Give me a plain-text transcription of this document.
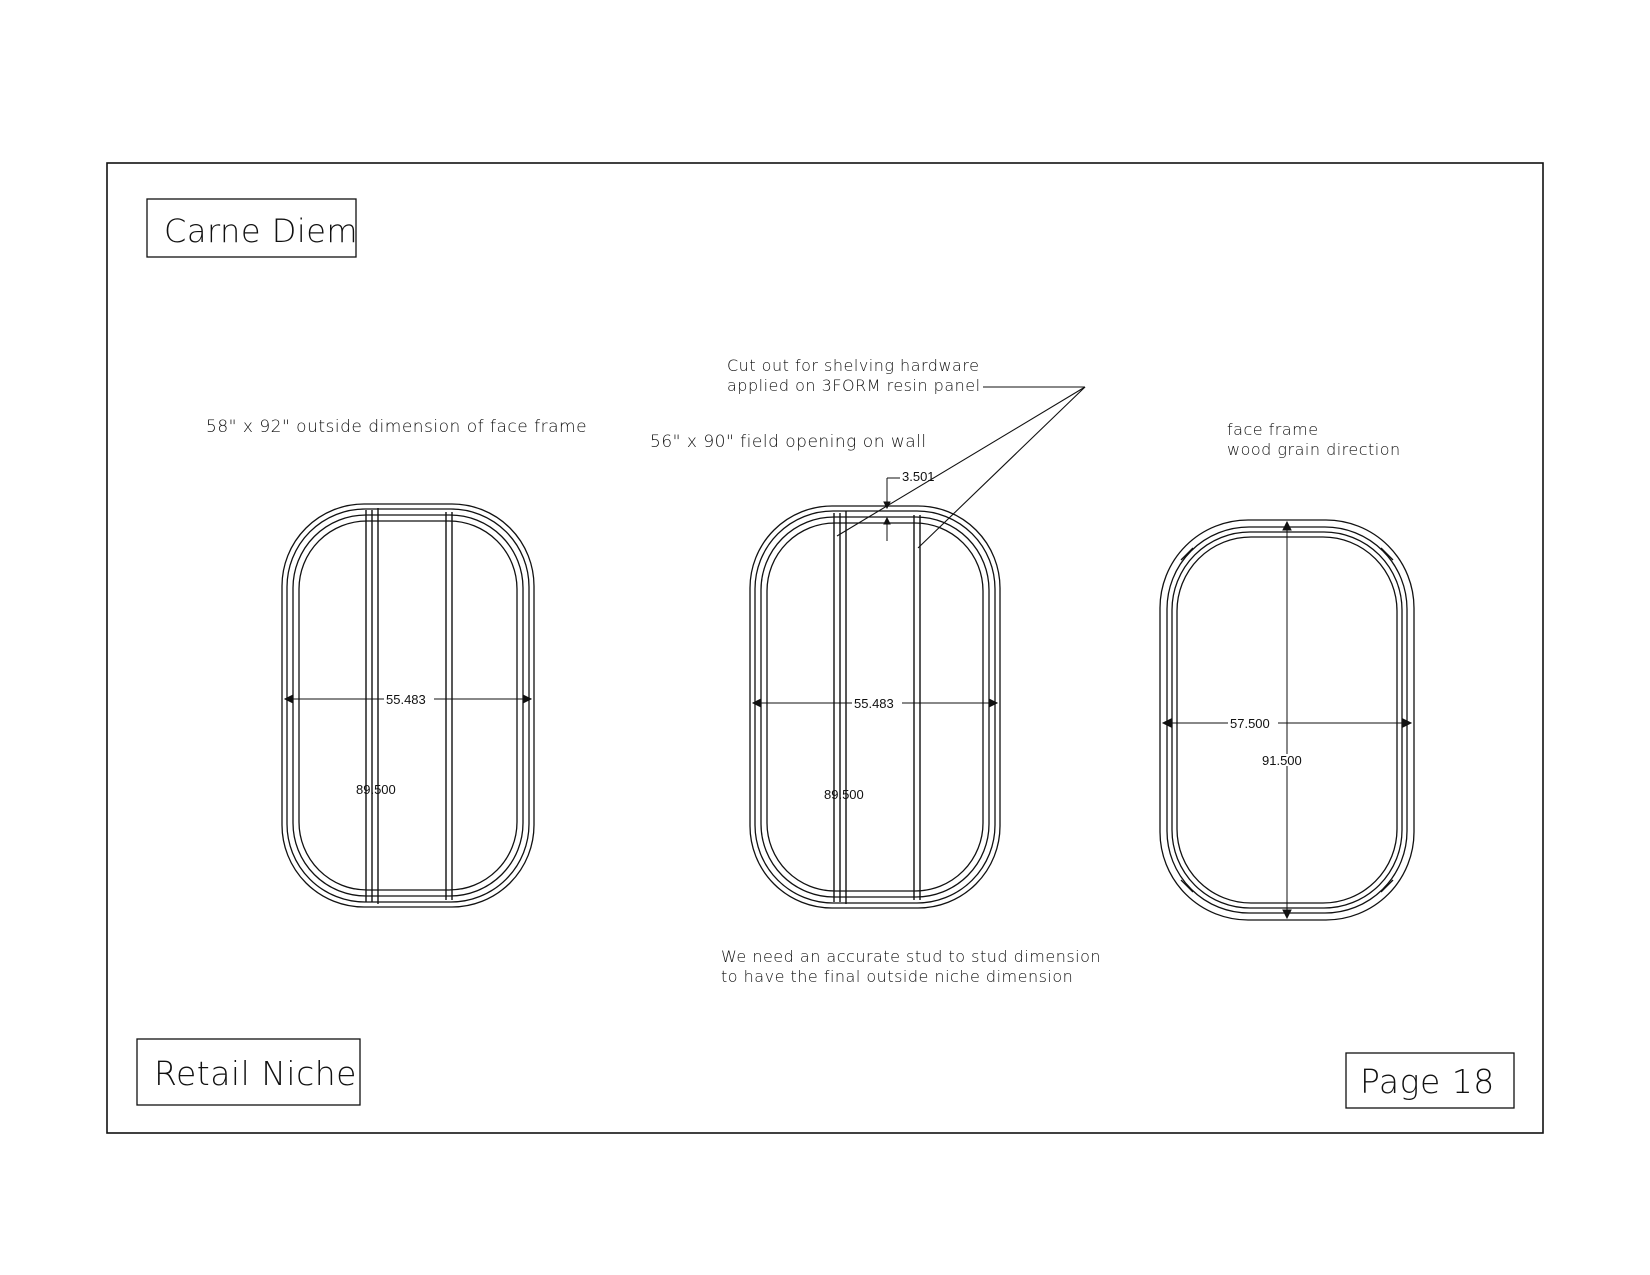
Carne Diem
Retail Niche	Page 18
58" x 92" outside dimension of face frame
56" x 90" field opening on wall
Cut out for shelving hardware
applied on 3FORM resin panel
face frame
wood grain direction
We need an accurate stud to stud dimension
to have the final outside niche dimension
55.483
89.500
3.501
55.483
89.500
57.500
91.500
